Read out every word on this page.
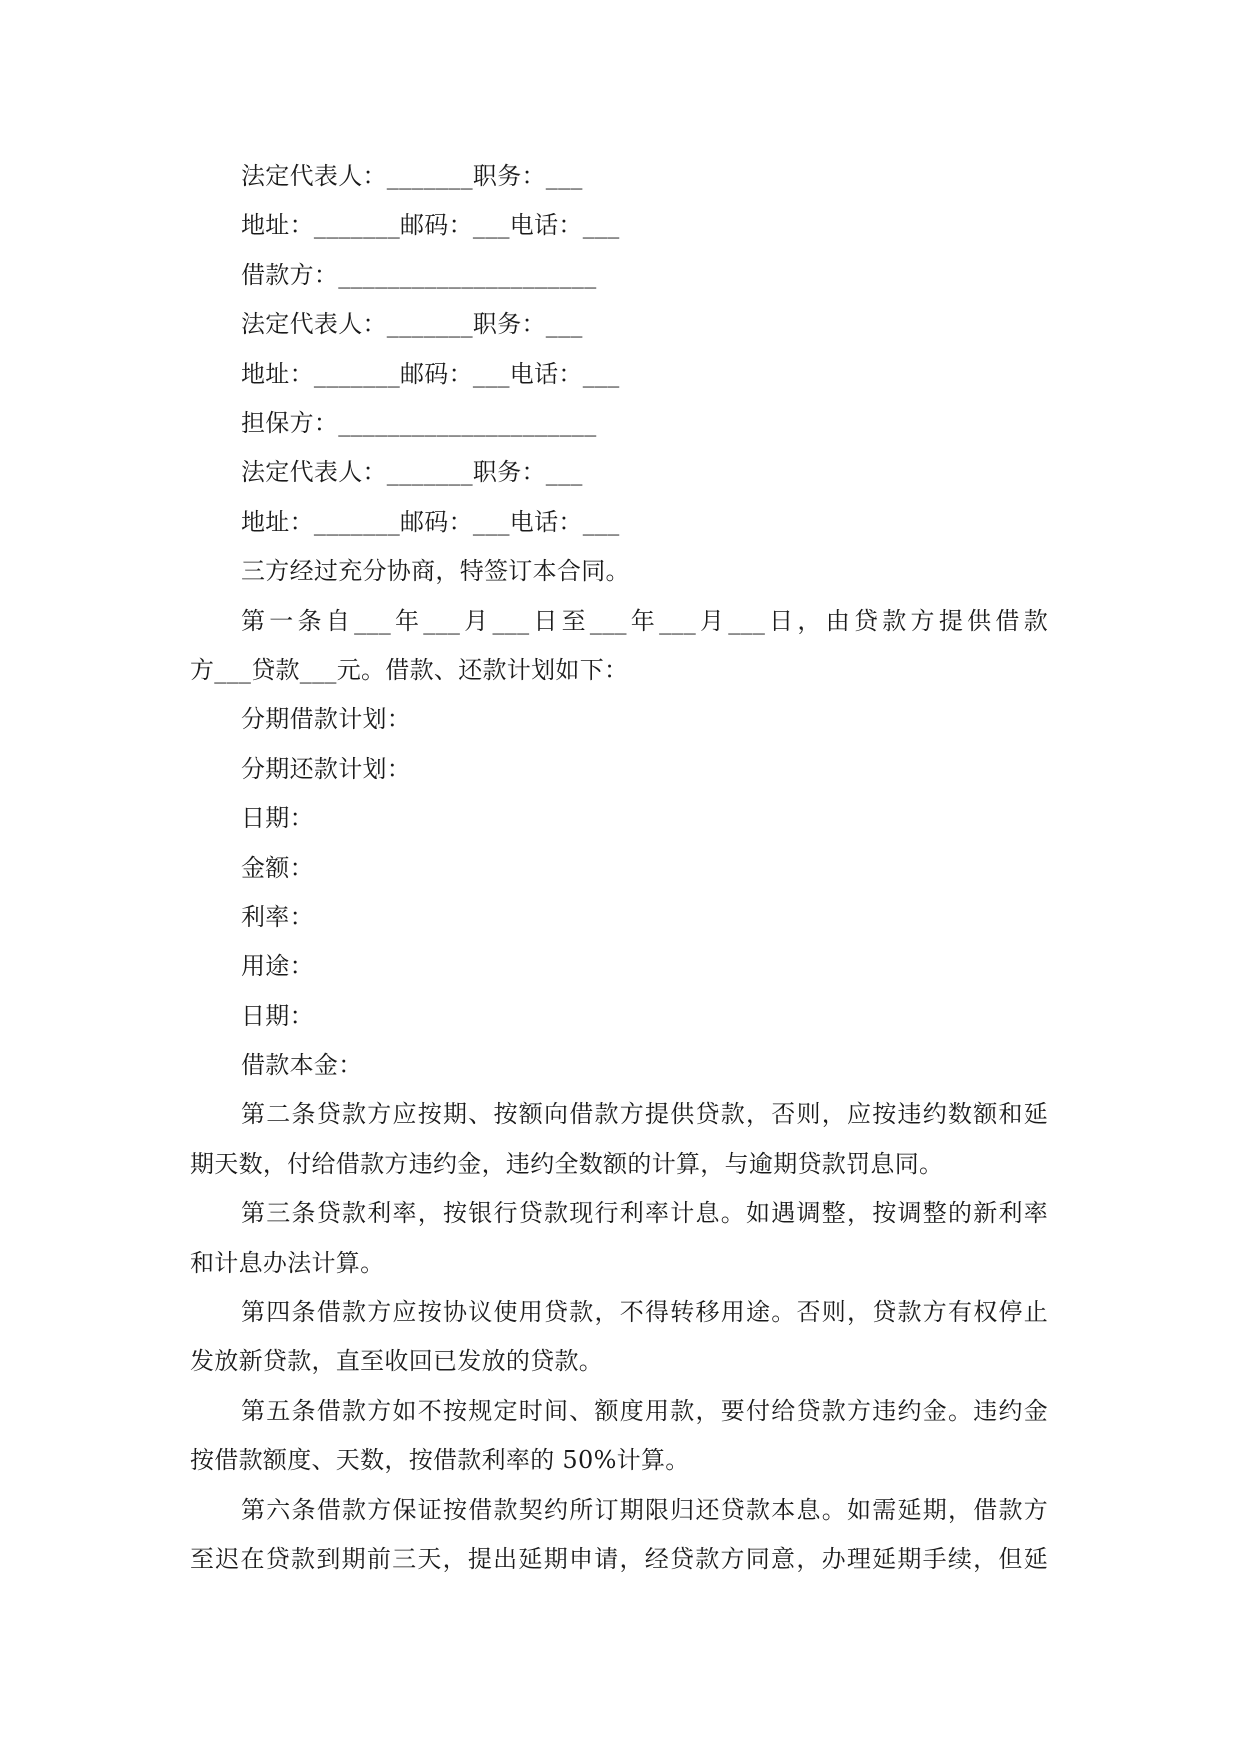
法定代表人：_______职务：___
地址：_______邮码：___电话：___
借款方：_____________________
法定代表人：_______职务：___
地址：_______邮码：___电话：___
担保方：_____________________
法定代表人：_______职务：___
地址：_______邮码：___电话：___
三方经过充分协商，特签订本合同。
第一条自___年___月___日至___年___月___日，由贷款方提供借款
方___贷款___元。借款、还款计划如下：
分期借款计划：
分期还款计划：
日期：
金额：
利率：
用途：
日期：
借款本金：
第二条贷款方应按期、按额向借款方提供贷款，否则，应按违约数额和延
期天数，付给借款方违约金，违约全数额的计算，与逾期贷款罚息同。
第三条贷款利率，按银行贷款现行利率计息。如遇调整，按调整的新利率
和计息办法计算。
第四条借款方应按协议使用贷款，不得转移用途。否则，贷款方有权停止
发放新贷款，直至收回已发放的贷款。
第五条借款方如不按规定时间、额度用款，要付给贷款方违约金。违约金
按借款额度、天数，按借款利率的 50%计算。
第六条借款方保证按借款契约所订期限归还贷款本息。如需延期，借款方
至迟在贷款到期前三天，提出延期申请，经贷款方同意，办理延期手续，但延
